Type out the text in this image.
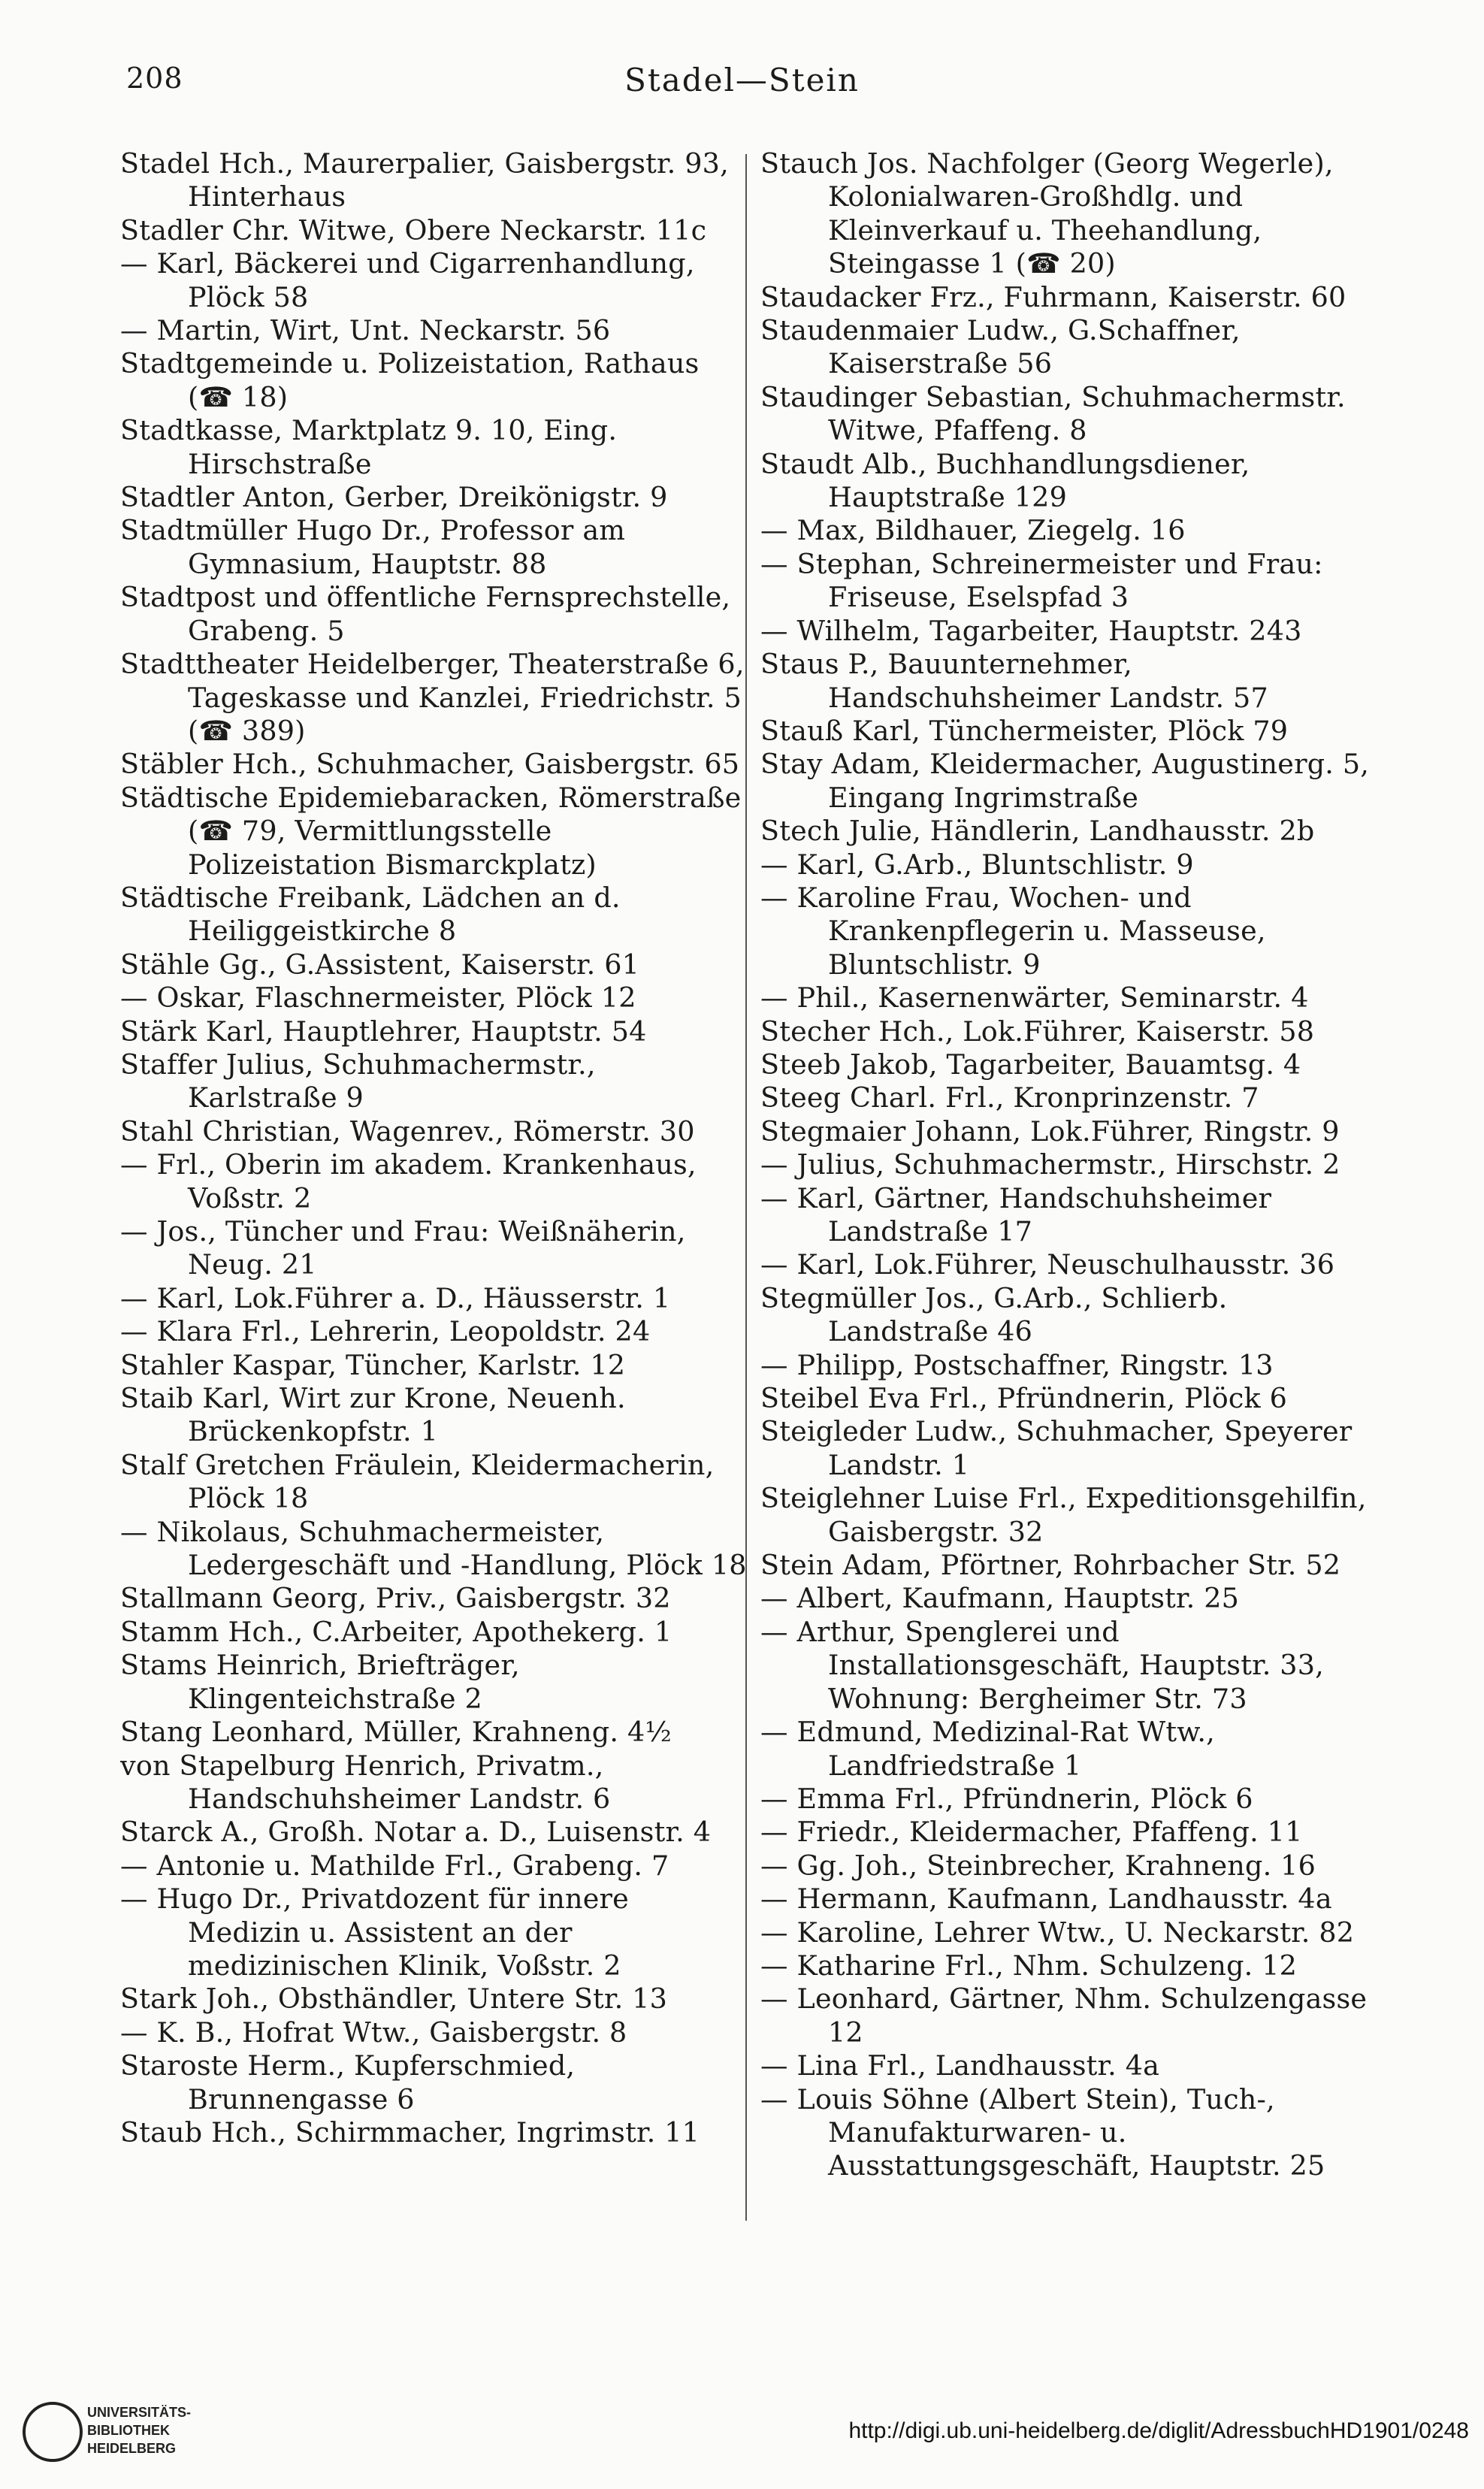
208	Stadel—Stein
Stadel Hch., Maurerpalier, Gaisbergstr. 93, Hinterhaus
Stadler Chr. Witwe, Obere Neckarstr. 11c
— Karl, Bäckerei und Cigarrenhandlung, Plöck 58
— Martin, Wirt, Unt. Neckarstr. 56
Stadtgemeinde u. Polizeistation, Rathaus (☎ 18)
Stadtkasse, Marktplatz 9. 10, Eing. Hirschstraße
Stadtler Anton, Gerber, Dreikönigstr. 9
Stadtmüller Hugo Dr., Professor am Gymnasium, Hauptstr. 88
Stadtpost und öffentliche Fernsprechstelle, Grabeng. 5
Stadttheater Heidelberger, Theaterstraße 6, Tageskasse und Kanzlei, Friedrichstr. 5 (☎ 389)
Stäbler Hch., Schuhmacher, Gaisbergstr. 65
Städtische Epidemiebaracken, Römerstraße (☎ 79, Vermittlungsstelle Polizeistation Bismarckplatz)
Städtische Freibank, Lädchen an d. Heiliggeistkirche 8
Stähle Gg., G.Assistent, Kaiserstr. 61
— Oskar, Flaschnermeister, Plöck 12
Stärk Karl, Hauptlehrer, Hauptstr. 54
Staffer Julius, Schuhmachermstr., Karlstraße 9
Stahl Christian, Wagenrev., Römerstr. 30
— Frl., Oberin im akadem. Krankenhaus, Voßstr. 2
— Jos., Tüncher und Frau: Weißnäherin, Neug. 21
— Karl, Lok.Führer a. D., Häusserstr. 1
— Klara Frl., Lehrerin, Leopoldstr. 24
Stahler Kaspar, Tüncher, Karlstr. 12
Staib Karl, Wirt zur Krone, Neuenh. Brückenkopfstr. 1
Stalf Gretchen Fräulein, Kleidermacherin, Plöck 18
— Nikolaus, Schuhmachermeister, Ledergeschäft und -Handlung, Plöck 18
Stallmann Georg, Priv., Gaisbergstr. 32
Stamm Hch., C.Arbeiter, Apothekerg. 1
Stams Heinrich, Briefträger, Klingenteichstraße 2
Stang Leonhard, Müller, Krahneng. 4½
von Stapelburg Henrich, Privatm., Handschuhsheimer Landstr. 6
Starck A., Großh. Notar a. D., Luisenstr. 4
— Antonie u. Mathilde Frl., Grabeng. 7
— Hugo Dr., Privatdozent für innere Medizin u. Assistent an der medizinischen Klinik, Voßstr. 2
Stark Joh., Obsthändler, Untere Str. 13
— K. B., Hofrat Wtw., Gaisbergstr. 8
Staroste Herm., Kupferschmied, Brunnengasse 6
Staub Hch., Schirmmacher, Ingrimstr. 11
Stauch Jos. Nachfolger (Georg Wegerle), Kolonialwaren-Großhdlg. und Kleinverkauf u. Theehandlung, Steingasse 1 (☎ 20)
Staudacker Frz., Fuhrmann, Kaiserstr. 60
Staudenmaier Ludw., G.Schaffner, Kaiserstraße 56
Staudinger Sebastian, Schuhmachermstr. Witwe, Pfaffeng. 8
Staudt Alb., Buchhandlungsdiener, Hauptstraße 129
— Max, Bildhauer, Ziegelg. 16
— Stephan, Schreinermeister und Frau: Friseuse, Eselspfad 3
— Wilhelm, Tagarbeiter, Hauptstr. 243
Staus P., Bauunternehmer, Handschuhsheimer Landstr. 57
Stauß Karl, Tünchermeister, Plöck 79
Stay Adam, Kleidermacher, Augustinerg. 5, Eingang Ingrimstraße
Stech Julie, Händlerin, Landhausstr. 2b
— Karl, G.Arb., Bluntschlistr. 9
— Karoline Frau, Wochen- und Krankenpflegerin u. Masseuse, Bluntschlistr. 9
— Phil., Kasernenwärter, Seminarstr. 4
Stecher Hch., Lok.Führer, Kaiserstr. 58
Steeb Jakob, Tagarbeiter, Bauamtsg. 4
Steeg Charl. Frl., Kronprinzenstr. 7
Stegmaier Johann, Lok.Führer, Ringstr. 9
— Julius, Schuhmachermstr., Hirschstr. 2
— Karl, Gärtner, Handschuhsheimer Landstraße 17
— Karl, Lok.Führer, Neuschulhausstr. 36
Stegmüller Jos., G.Arb., Schlierb. Landstraße 46
— Philipp, Postschaffner, Ringstr. 13
Steibel Eva Frl., Pfründnerin, Plöck 6
Steigleder Ludw., Schuhmacher, Speyerer Landstr. 1
Steiglehner Luise Frl., Expeditionsgehilfin, Gaisbergstr. 32
Stein Adam, Pförtner, Rohrbacher Str. 52
— Albert, Kaufmann, Hauptstr. 25
— Arthur, Spenglerei und Installationsgeschäft, Hauptstr. 33, Wohnung: Bergheimer Str. 73
— Edmund, Medizinal-Rat Wtw., Landfriedstraße 1
— Emma Frl., Pfründnerin, Plöck 6
— Friedr., Kleidermacher, Pfaffeng. 11
— Gg. Joh., Steinbrecher, Krahneng. 16
— Hermann, Kaufmann, Landhausstr. 4a
— Karoline, Lehrer Wtw., U. Neckarstr. 82
— Katharine Frl., Nhm. Schulzeng. 12
— Leonhard, Gärtner, Nhm. Schulzengasse 12
— Lina Frl., Landhausstr. 4a
— Louis Söhne (Albert Stein), Tuch-, Manufakturwaren- u. Ausstattungsgeschäft, Hauptstr. 25
UNIVERSITÄTS-
BIBLIOTHEK
HEIDELBERG
http://digi.ub.uni-heidelberg.de/diglit/AdressbuchHD1901/0248
